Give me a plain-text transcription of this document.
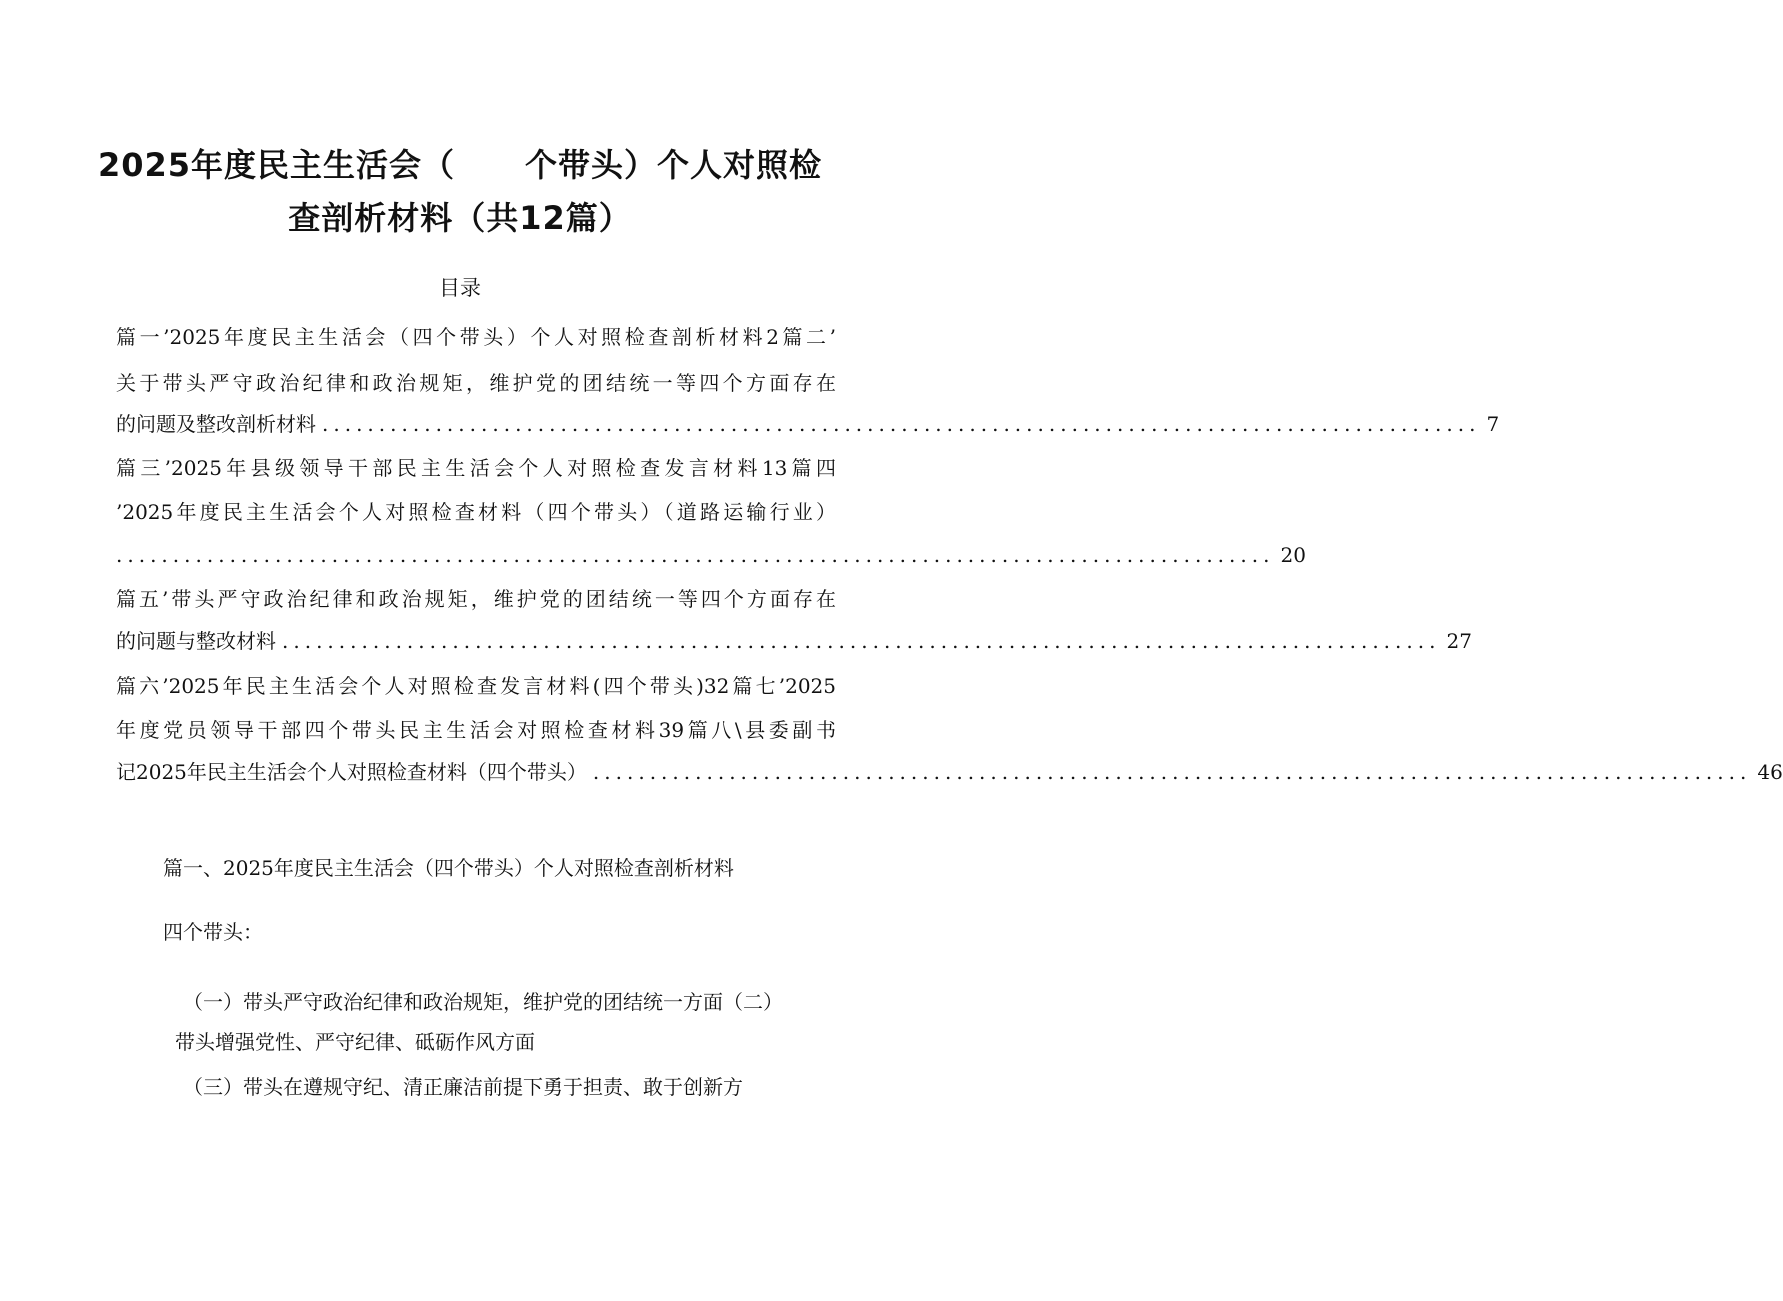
2025年度民主生活会（ 个带头）个人对照检
查剖析材料（共12篇）
目录
篇一’2025年度民主生活会（四个带头）个人对照检查剖析材料2篇二’
关于带头严守政治纪律和政治规矩，维护党的团结统一等四个方面存在
的问题及整改剖析材料 ...................................................................................................... 7
篇三’2025年县级领导干部民主生活会个人对照检查发言材料13篇四
’2025年度民主生活会个人对照检查材料（四个带头）（道路运输行业）
...................................................................................................... 20
篇五’带头严守政治纪律和政治规矩，维护党的团结统一等四个方面存在
的问题与整改材料 ...................................................................................................... 27
篇六’2025年民主生活会个人对照检查发言材料(四个带头)32篇七’2025
年度党员领导干部四个带头民主生活会对照检查材料39篇八\县委副书
记2025年民主生活会个人对照检查材料（四个带头） ...................................................................................................... 46
篇一、2025年度民主生活会（四个带头）个人对照检查剖析材料
四个带头：
（一）带头严守政治纪律和政治规矩，维护党的团结统一方面（二）
带头增强党性、严守纪律、砥砺作风方面
（三）带头在遵规守纪、清正廉洁前提下勇于担责、敢于创新方
